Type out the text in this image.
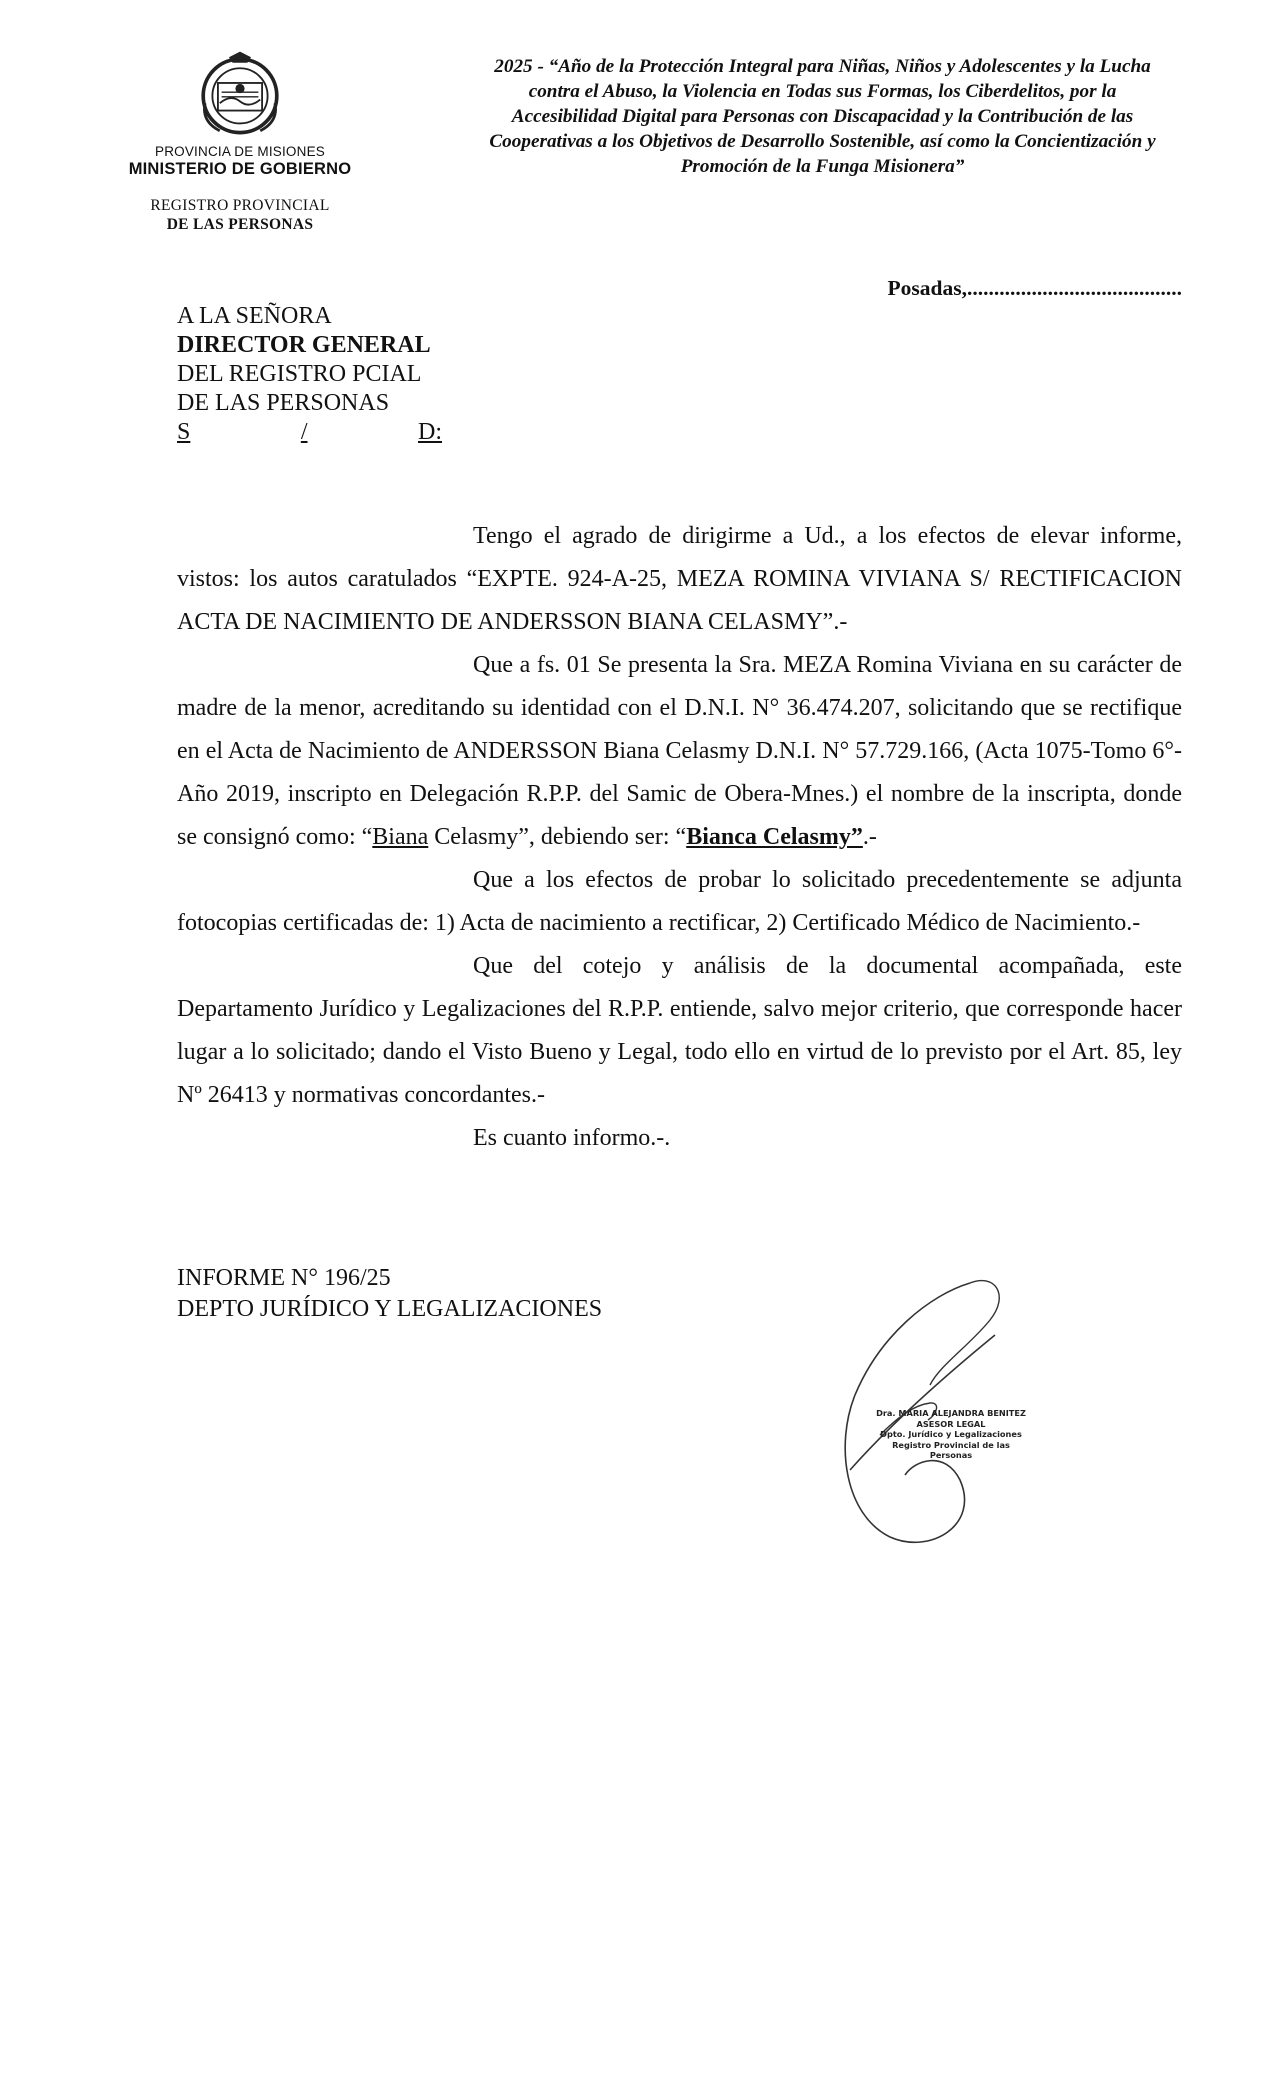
PROVINCIA DE MISIONES
MINISTERIO DE GOBIERNO
REGISTRO PROVINCIAL
DE LAS PERSONAS
2025 - “Año de la Protección Integral para Niñas, Niños y Adolescentes y la Lucha
contra el Abuso, la Violencia en Todas sus Formas, los Ciberdelitos, por la
Accesibilidad Digital para Personas con Discapacidad y la Contribución de las
Cooperativas a los Objetivos de Desarrollo Sostenible, así como la Concientización y
Promoción de la Funga Misionera”
Posadas,........................................
A LA SEÑORA
DIRECTOR GENERAL
DEL REGISTRO PCIAL
DE LAS PERSONAS
S	/	D:

Tengo el agrado de dirigirme a Ud., a los efectos de elevar informe, vistos: los autos caratulados “EXPTE. 924-A-25, MEZA ROMINA VIVIANA S/ RECTIFICACION ACTA DE NACIMIENTO DE ANDERSSON BIANA CELASMY”.-

Que a fs. 01 Se presenta la Sra. MEZA Romina Viviana en su carácter de madre de la menor, acreditando su identidad con el D.N.I. N° 36.474.207, solicitando que se rectifique en el Acta de Nacimiento de ANDERSSON Biana Celasmy D.N.I. N° 57.729.166, (Acta 1075-Tomo 6°-Año 2019, inscripto en Delegación R.P.P. del Samic de Obera-Mnes.) el nombre de la inscripta, donde se consignó como: “Biana Celasmy”, debiendo ser: “Bianca Celasmy”.-

Que a los efectos de probar lo solicitado precedentemente se adjunta fotocopias certificadas de: 1) Acta de nacimiento a rectificar, 2) Certificado Médico de Nacimiento.-

Que del cotejo y análisis de la documental acompañada, este Departamento Jurídico y Legalizaciones del R.P.P. entiende, salvo mejor criterio, que corresponde hacer lugar a lo solicitado; dando el Visto Bueno y Legal, todo ello en virtud de lo previsto por el Art. 85, ley Nº 26413 y normativas concordantes.-

Es cuanto informo.-.

INFORME N° 196/25
DEPTO JURÍDICO Y LEGALIZACIONES
Dra. MARIA ALEJANDRA BENITEZ
ASESOR LEGAL
Dpto. Jurídico y Legalizaciones
Registro Provincial de las Personas
